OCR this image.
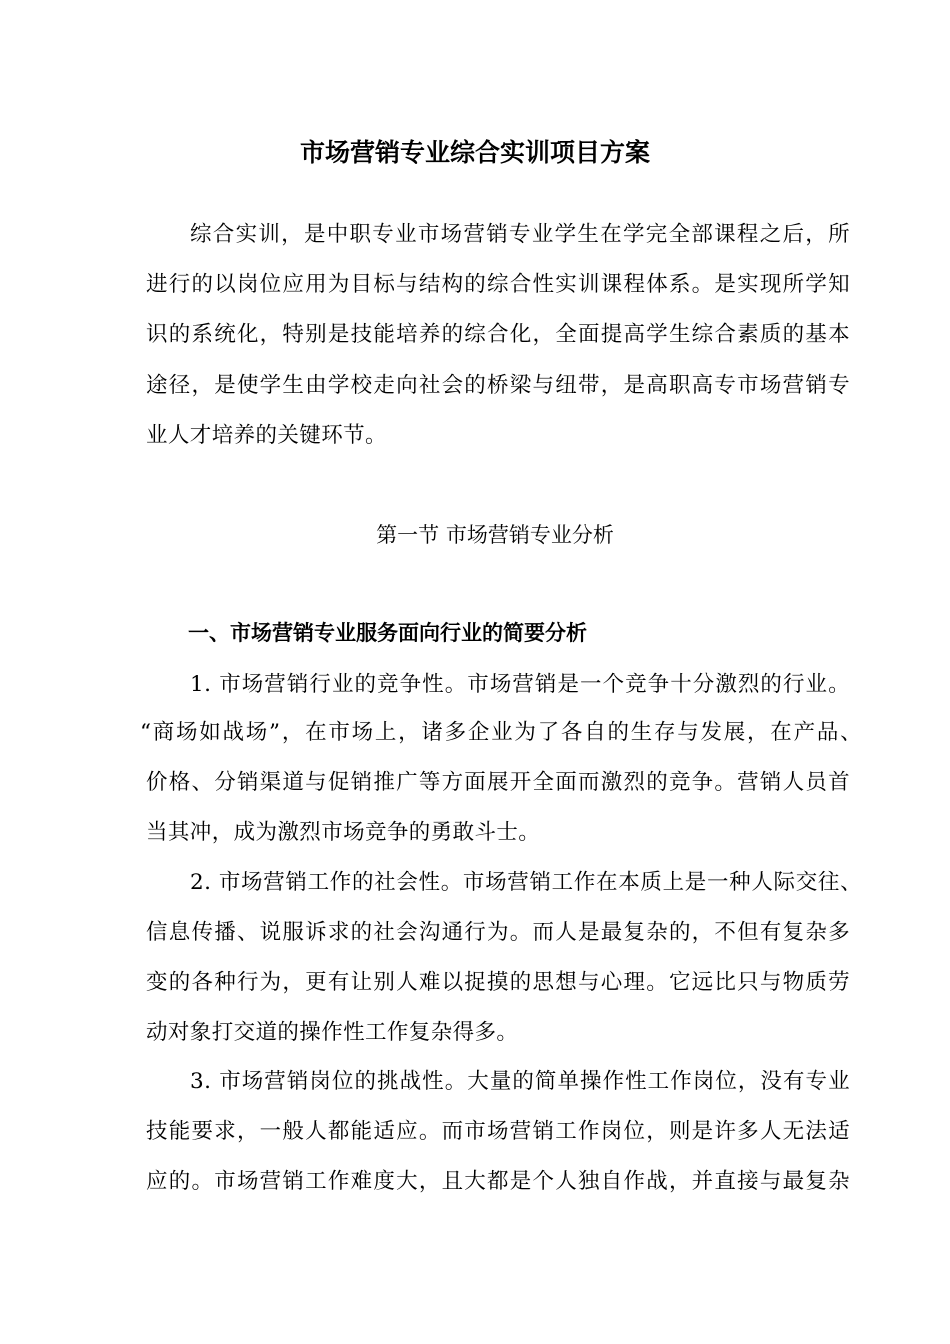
市场营销专业综合实训项目方案
综合实训，是中职专业市场营销专业学生在学完全部课程之后，所
进行的以岗位应用为目标与结构的综合性实训课程体系。是实现所学知
识的系统化，特别是技能培养的综合化，全面提高学生综合素质的基本
途径，是使学生由学校走向社会的桥梁与纽带，是高职高专市场营销专
业人才培养的关键环节。
第一节 市场营销专业分析
一、市场营销专业服务面向行业的简要分析
1. 市场营销行业的竞争性。市场营销是一个竞争十分激烈的行业。
“商场如战场”，在市场上，诸多企业为了各自的生存与发展，在产品、
价格、分销渠道与促销推广等方面展开全面而激烈的竞争。营销人员首
当其冲，成为激烈市场竞争的勇敢斗士。
2. 市场营销工作的社会性。市场营销工作在本质上是一种人际交往、
信息传播、说服诉求的社会沟通行为。而人是最复杂的，不但有复杂多
变的各种行为，更有让别人难以捉摸的思想与心理。它远比只与物质劳
动对象打交道的操作性工作复杂得多。
3. 市场营销岗位的挑战性。大量的简单操作性工作岗位，没有专业
技能要求，一般人都能适应。而市场营销工作岗位，则是许多人无法适
应的。市场营销工作难度大，且大都是个人独自作战，并直接与最复杂
